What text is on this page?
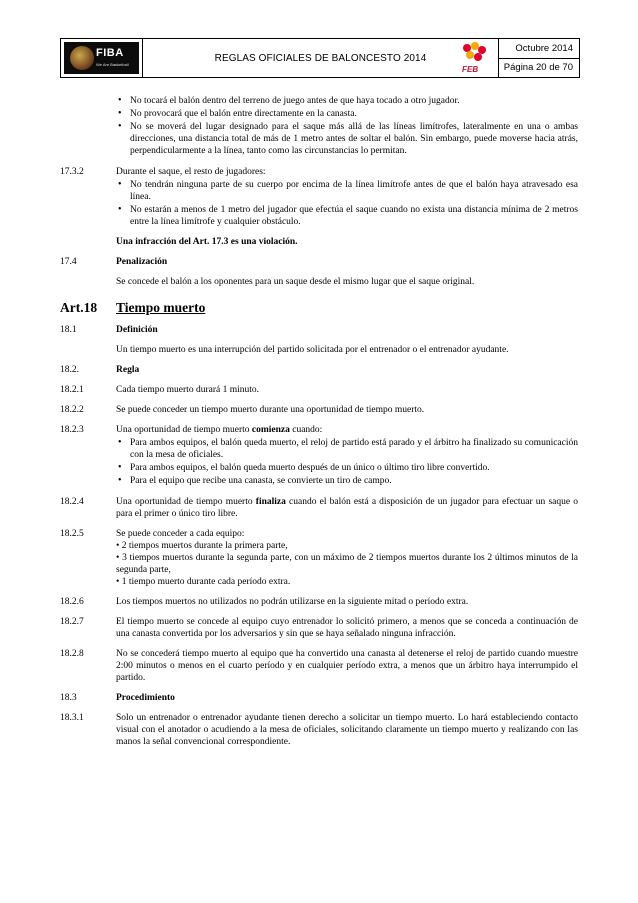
FIBA
We Are Basketball
REGLAS OFICIALES DE BALONCESTO 2014
FEB
Octubre 2014
Página 20 de 70
• No tocará el balón dentro del terreno de juego antes de que haya tocado a otro jugador.
• No provocará que el balón entre directamente en la canasta.
• No se moverá del lugar designado para el saque más allá de las líneas limítrofes, lateralmente en una o ambas direcciones, una distancia total de más de 1 metro antes de soltar el balón. Sin embargo, puede moverse hacia atrás, perpendicularmente a la línea, tanto como las circunstancias lo permitan.
17.3.2	Durante el saque, el resto de jugadores:

• No tendrán ninguna parte de su cuerpo por encima de la línea limítrofe antes de que el balón haya atravesado esa línea.
• No estarán a menos de 1 metro del jugador que efectúa el saque cuando no exista una distancia mínima de 2 metros entre la línea limítrofe y cualquier obstáculo.

Una infracción del Art. 17.3 es una violación.

17.4	Penalización

Se concede el balón a los oponentes para un saque desde el mismo lugar que el saque original.

Art.18	Tiempo muerto
18.1	Definición

Un tiempo muerto es una interrupción del partido solicitada por el entrenador o el entrenador ayudante.

18.2.	Regla

18.2.1	Cada tiempo muerto durará 1 minuto.

18.2.2	Se puede conceder un tiempo muerto durante una oportunidad de tiempo muerto.

18.2.3	Una oportunidad de tiempo muerto comienza cuando:

• Para ambos equipos, el balón queda muerto, el reloj de partido está parado y el árbitro ha finalizado su comunicación con la mesa de oficiales.
• Para ambos equipos, el balón queda muerto después de un único o último tiro libre convertido.
• Para el equipo que recibe una canasta, se convierte un tiro de campo.
18.2.4	Una oportunidad de tiempo muerto finaliza cuando el balón está a disposición de un jugador para efectuar un saque o para el primer o único tiro libre.

18.2.5	Se puede conceder a cada equipo:

• 2 tiempos muertos durante la primera parte,

• 3 tiempos muertos durante la segunda parte, con un máximo de 2 tiempos muertos durante los 2 últimos minutos de la segunda parte,

• 1 tiempo muerto durante cada período extra.

18.2.6	Los tiempos muertos no utilizados no podrán utilizarse en la siguiente mitad o período extra.

18.2.7	El tiempo muerto se concede al equipo cuyo entrenador lo solicitó primero, a menos que se conceda a continuación de una canasta convertida por los adversarios y sin que se haya señalado ninguna infracción.

18.2.8	No se concederá tiempo muerto al equipo que ha convertido una canasta al detenerse el reloj de partido cuando muestre 2:00 minutos o menos en el cuarto período y en cualquier período extra, a menos que un árbitro haya interrumpido el partido.

18.3	Procedimiento

18.3.1	Solo un entrenador o entrenador ayudante tienen derecho a solicitar un tiempo muerto. Lo hará estableciendo contacto visual con el anotador o acudiendo a la mesa de oficiales, solicitando claramente un tiempo muerto y realizando con las manos la señal convencional correspondiente.
